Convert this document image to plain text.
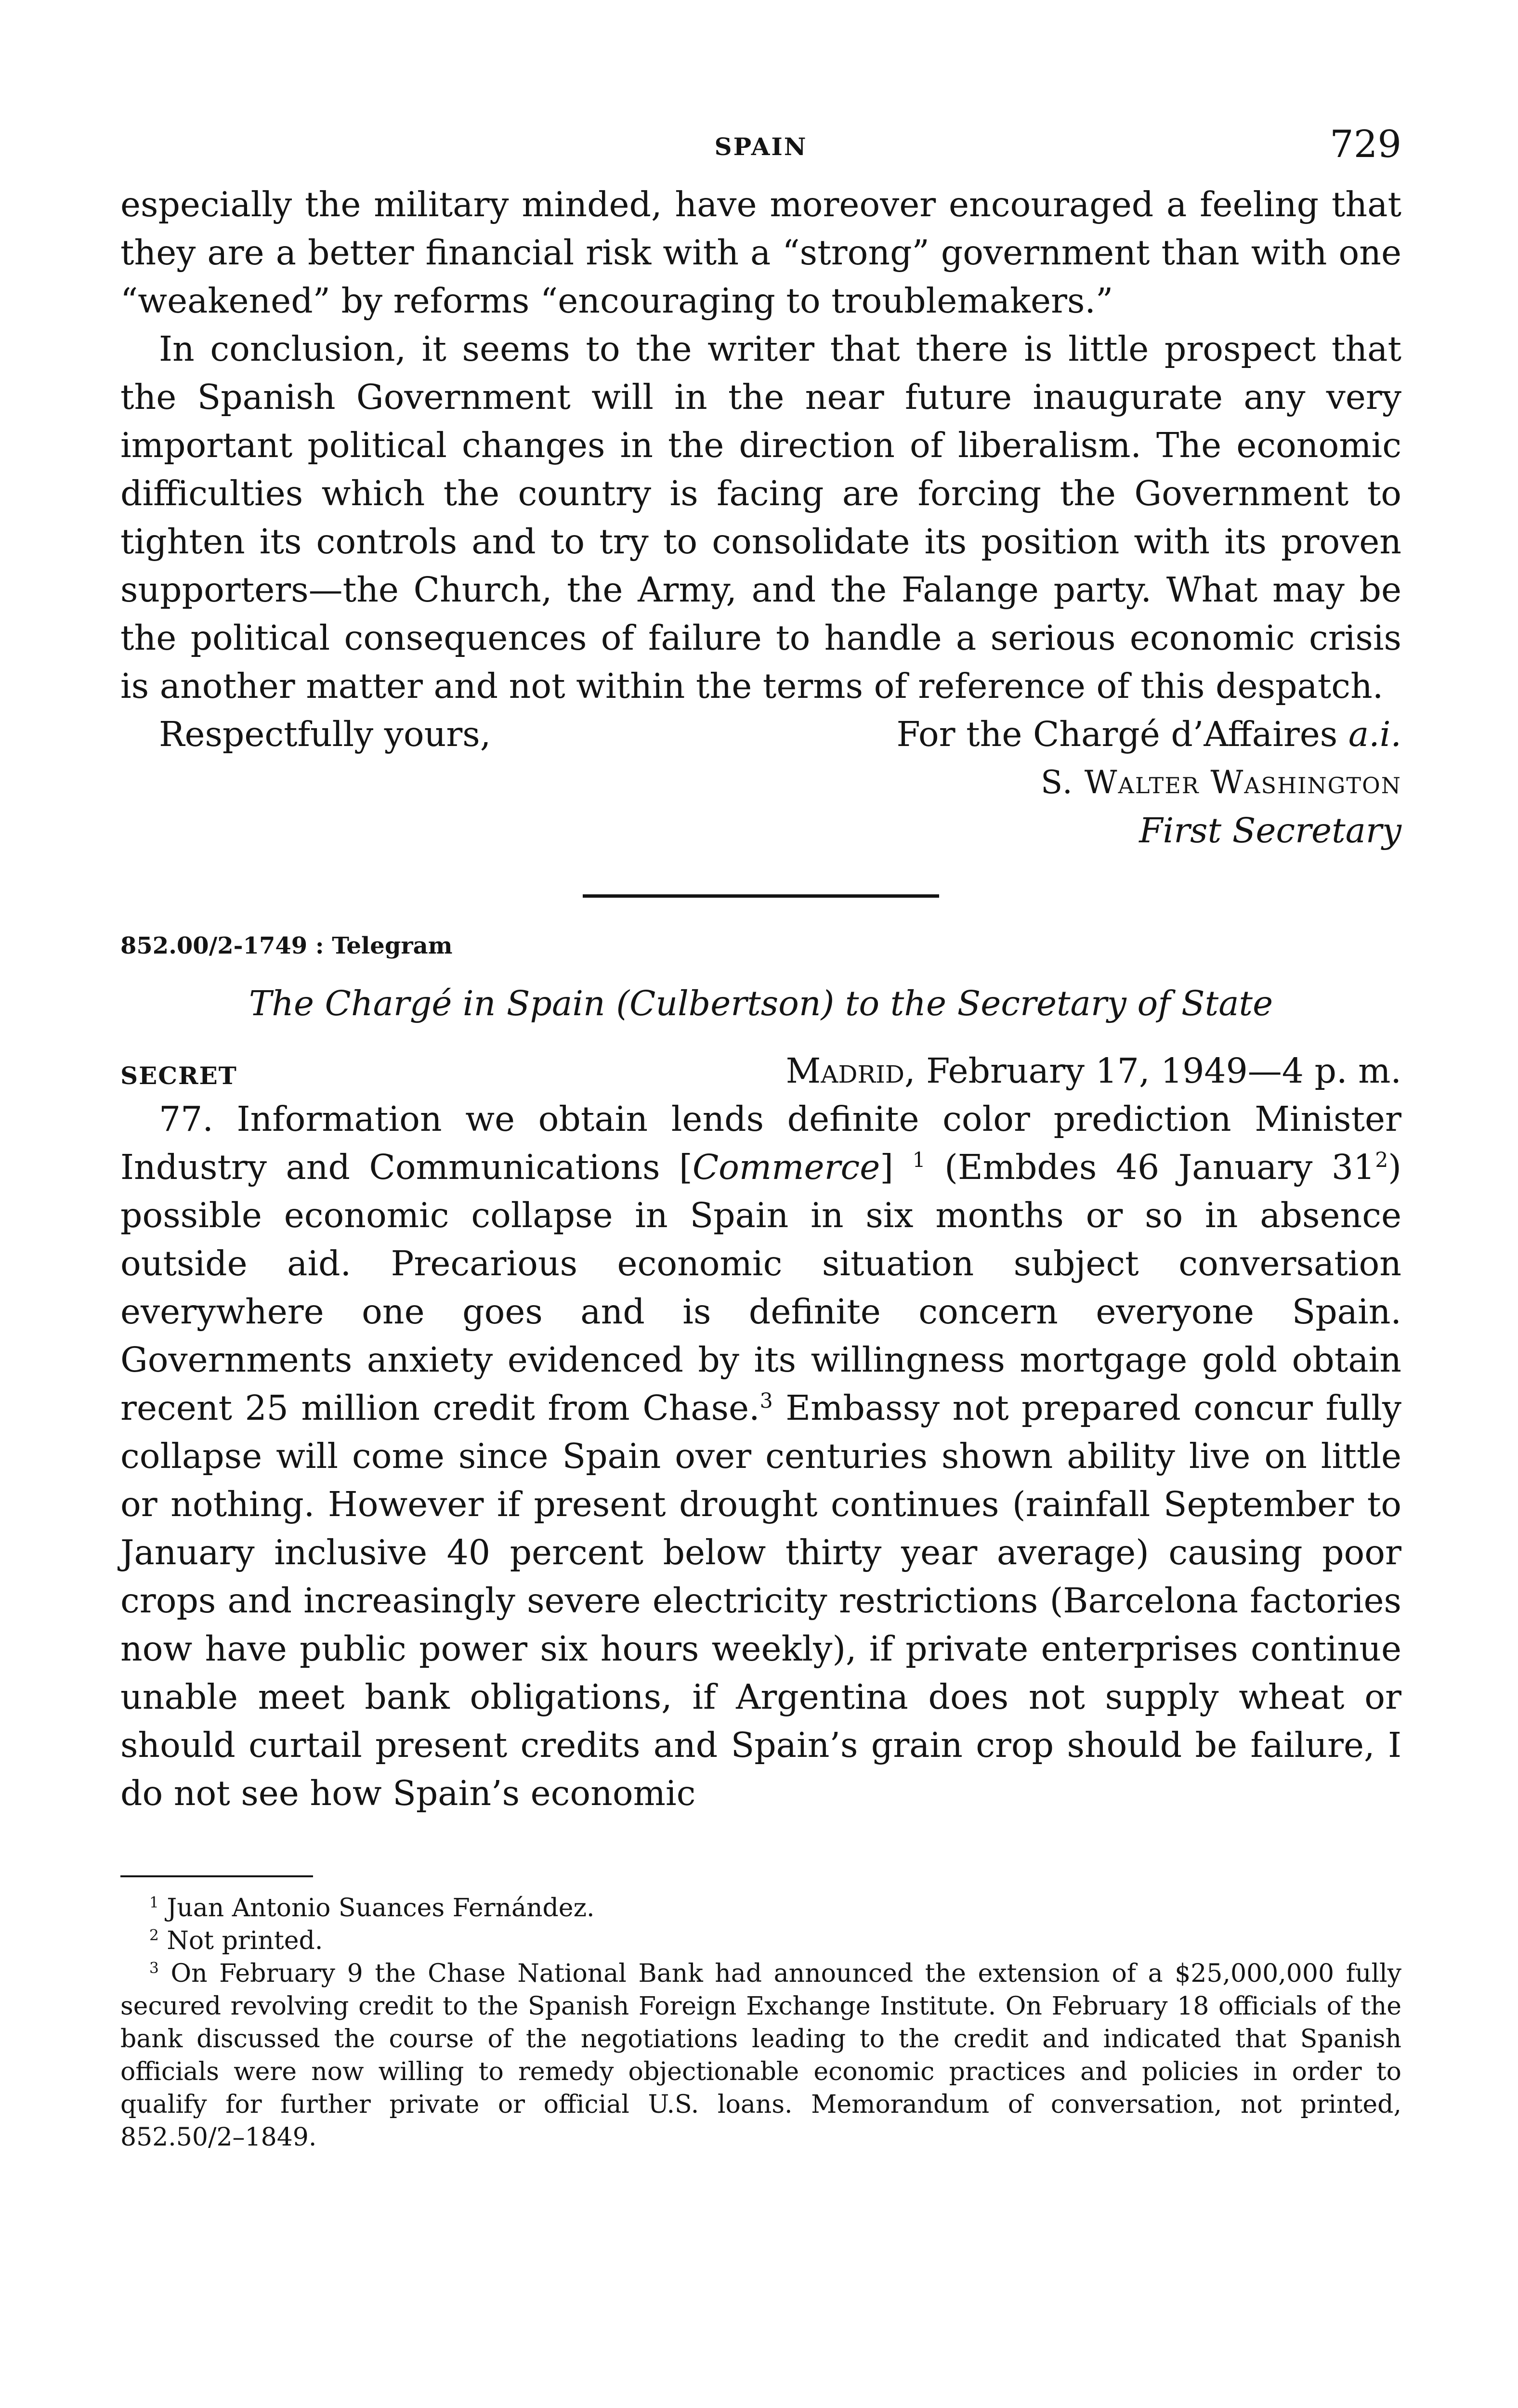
SPAIN	729

especially the military minded, have moreover encouraged a feeling that they are a better financial risk with a “strong” government than with one “weakened” by reforms “encouraging to troublemakers.”

In conclusion, it seems to the writer that there is little prospect that the Spanish Government will in the near future inaugurate any very important political changes in the direction of liberalism. The economic difficulties which the country is facing are forcing the Government to tighten its controls and to try to consolidate its position with its proven supporters—the Church, the Army, and the Falange party. What may be the political consequences of failure to handle a serious economic crisis is another matter and not within the terms of reference of this despatch.

Respectfully yours,	For the Chargé d’Affaires a.i.
S. Walter Washington
First Secretary
852.00/2-1749 : Telegram
The Chargé in Spain (Culbertson) to the Secretary of State
SECRET	Madrid, February 17, 1949—4 p. m.

77. Information we obtain lends definite color prediction Minister Industry and Communications [Commerce] $^1$ (Embdes 46 January $31^2$) possible economic collapse in Spain in six months or so in absence outside aid. Precarious economic situation subject conversation everywhere one goes and is definite concern everyone Spain. Governments anxiety evidenced by its willingness mortgage gold obtain recent 25 million credit from Chase.$^3$ Embassy not prepared concur fully collapse will come since Spain over centuries shown ability live on little or nothing. However if present drought continues (rainfall September to January inclusive 40 percent below thirty year average) causing poor crops and increasingly severe electricity restrictions (Barcelona factories now have public power six hours weekly), if private enterprises continue unable meet bank obligations, if Argentina does not supply wheat or should curtail present credits and Spain’s grain crop should be failure, I do not see how Spain’s economic

$^1$ Juan Antonio Suances Fernández.

$^2$ Not printed.

$^3$ On February 9 the Chase National Bank had announced the extension of a $25,000,000 fully secured revolving credit to the Spanish Foreign Exchange Institute. On February 18 officials of the bank discussed the course of the negotiations leading to the credit and indicated that Spanish officials were now willing to remedy objectionable economic practices and policies in order to qualify for further private or official U.S. loans. Memorandum of conversation, not printed, 852.50/2–1849.
